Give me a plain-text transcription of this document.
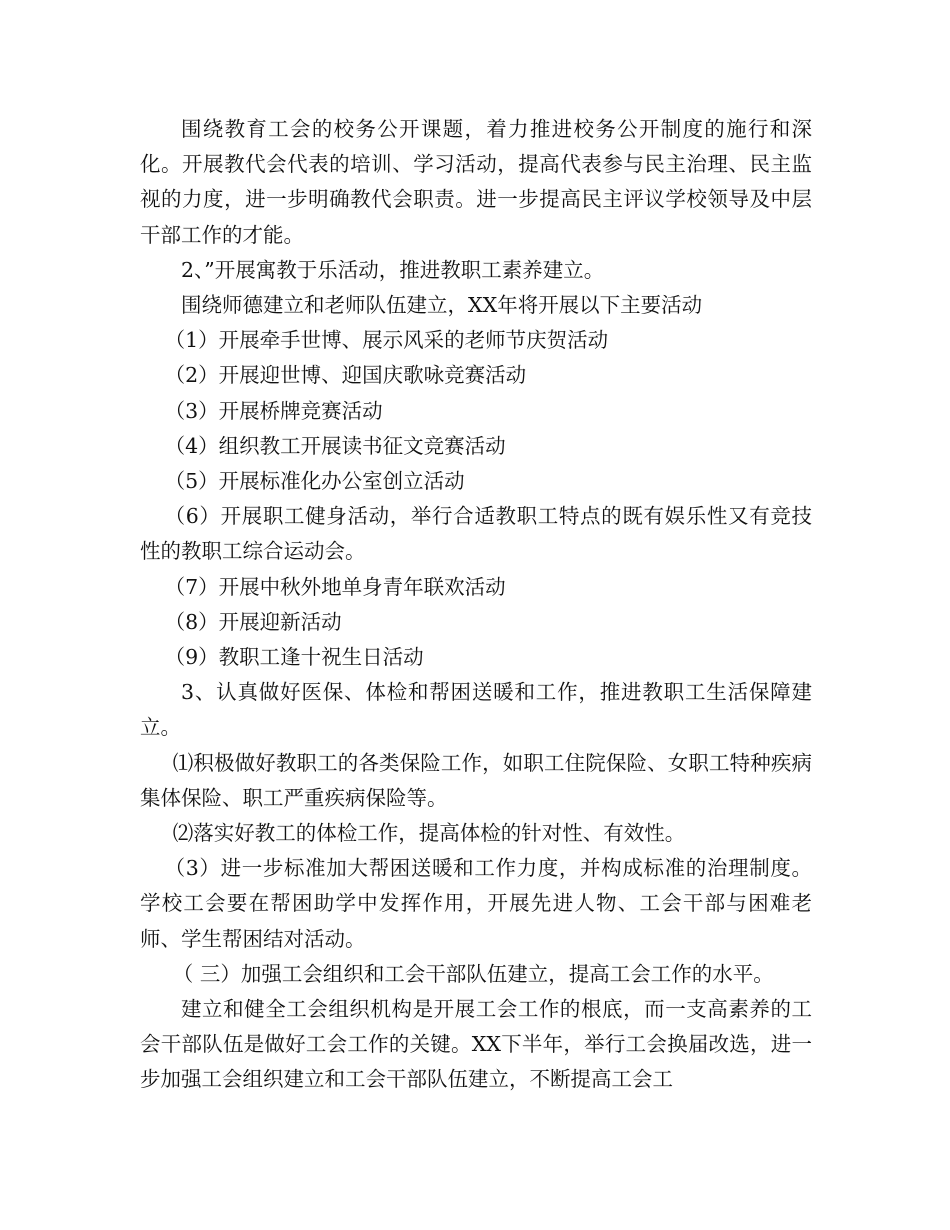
围绕教育工会的校务公开课题，着力推进校务公开制度的施行和深化。开展教代会代表的培训、学习活动，提高代表参与民主治理、民主监视的力度，进一步明确教代会职责。进一步提高民主评议学校领导及中层干部工作的才能。

2、”开展寓教于乐活动，推进教职工素养建立。

围绕师德建立和老师队伍建立，XX年将开展以下主要活动

（1）开展牵手世博、展示风采的老师节庆贺活动

（2）开展迎世博、迎国庆歌咏竞赛活动

（3）开展桥牌竞赛活动

（4）组织教工开展读书征文竞赛活动

（5）开展标准化办公室创立活动

（6）开展职工健身活动，举行合适教职工特点的既有娱乐性又有竞技性的教职工综合运动会。

（7）开展中秋外地单身青年联欢活动

（8）开展迎新活动

（9）教职工逢十祝生日活动

3、认真做好医保、体检和帮困送暖和工作，推进教职工生活保障建立。

⑴积极做好教职工的各类保险工作，如职工住院保险、女职工特种疾病集体保险、职工严重疾病保险等。

⑵落实好教工的体检工作，提高体检的针对性、有效性。

（3）进一步标准加大帮困送暖和工作力度，并构成标准的治理制度。学校工会要在帮困助学中发挥作用，开展先进人物、工会干部与困难老师、学生帮困结对活动。

（ 三）加强工会组织和工会干部队伍建立，提高工会工作的水平。

建立和健全工会组织机构是开展工会工作的根底，而一支高素养的工会干部队伍是做好工会工作的关键。XX下半年，举行工会换届改选，进一步加强工会组织建立和工会干部队伍建立，不断提高工会工
